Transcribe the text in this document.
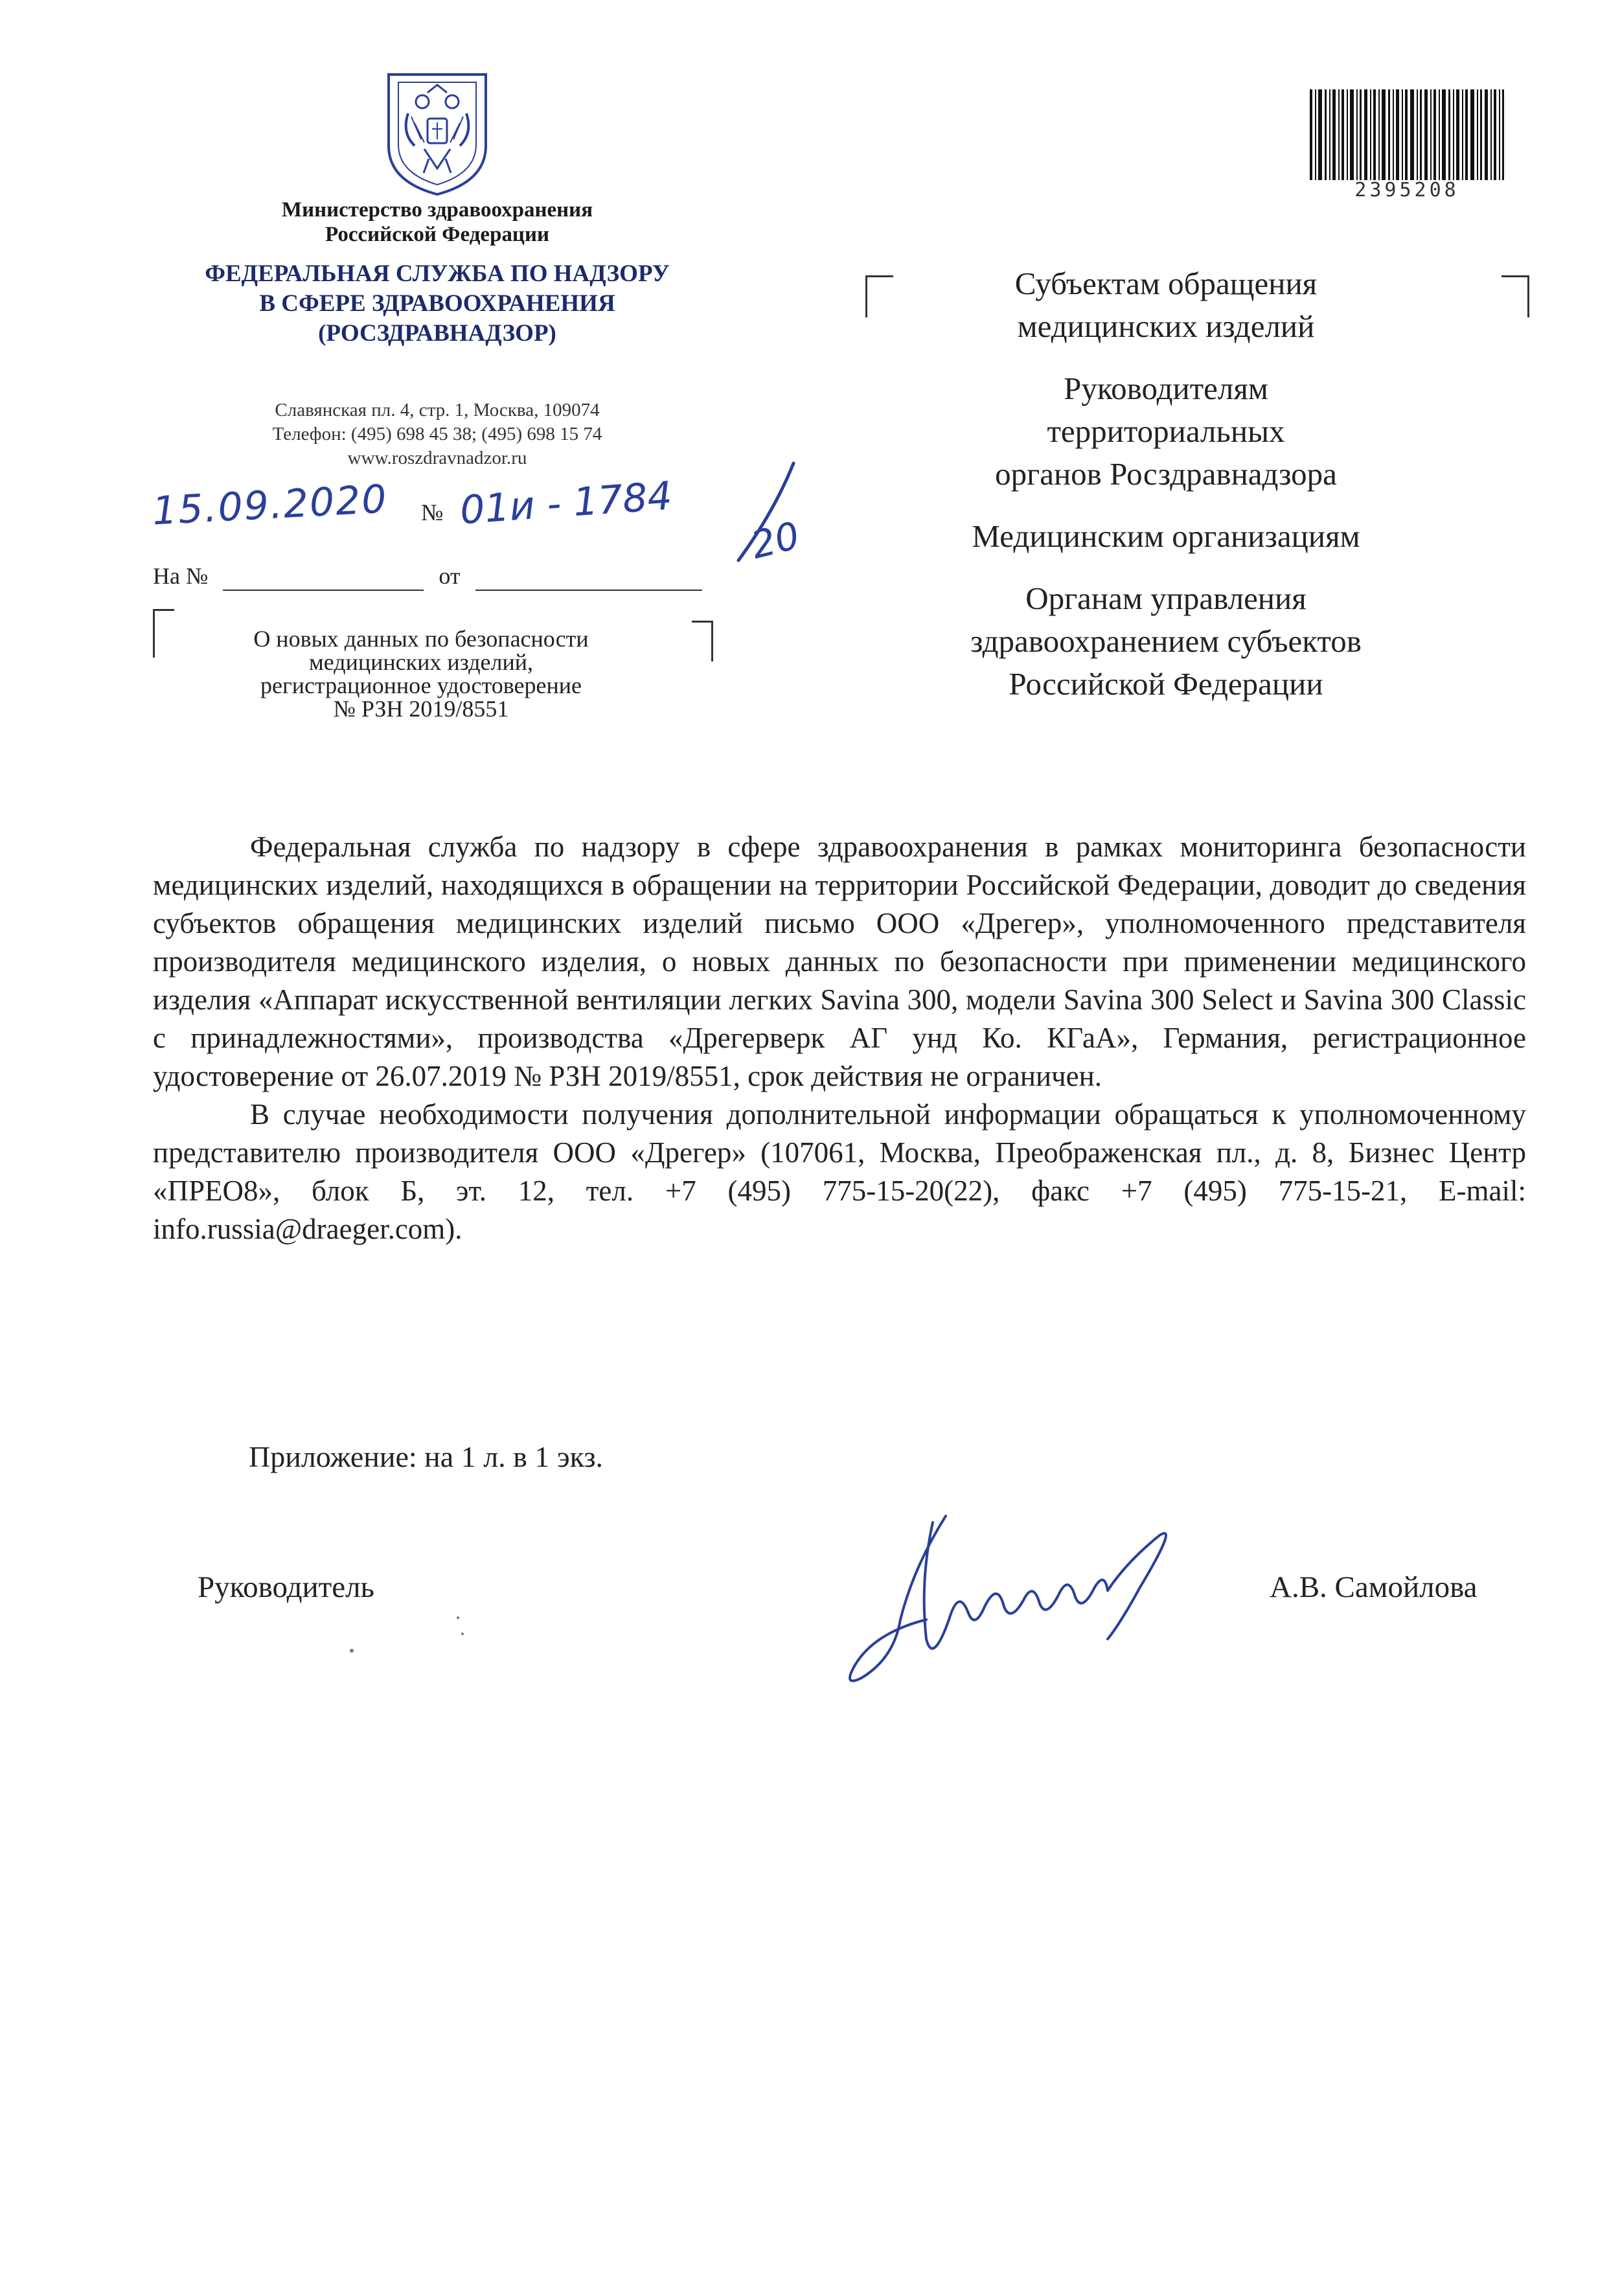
Министерство здравоохранения
Российской Федерации
ФЕДЕРАЛЬНАЯ СЛУЖБА ПО НАДЗОРУ
В СФЕРЕ ЗДРАВООХРАНЕНИЯ
(РОСЗДРАВНАДЗОР)
Славянская пл. 4, стр. 1, Москва, 109074
Телефон: (495) 698 45 38; (495) 698 15 74
www.roszdravnadzor.ru
15.09.2020 № 01и - 1784
20
На №	от
О новых данных по безопасности
медицинских изделий,
регистрационное удостоверение
№ РЗН 2019/8551
2395208
Субъектам обращения
медицинских изделий
Руководителям
территориальных
органов Росздравнадзора
Медицинским организациям
Органам управления
здравоохранением субъектов
Российской Федерации

Федеральная служба по надзору в сфере здравоохранения в рамках мониторинга безопасности медицинских изделий, находящихся в обращении на территории Российской Федерации, доводит до сведения субъектов обращения медицинских изделий письмо ООО «Дрегер», уполномоченного представителя производителя медицинского изделия, о новых данных по безопасности при применении медицинского изделия «Аппарат искусственной вентиляции легких Savina 300, модели Savina 300 Select и Savina 300 Classic с принадлежностями», производства «Дрегерверк АГ унд Ко. КГаА», Германия, регистрационное удостоверение от 26.07.2019 № РЗН 2019/8551, срок действия не ограничен.

В случае необходимости получения дополнительной информации обращаться к уполномоченному представителю производителя ООО «Дрегер» (107061, Москва, Преображенская пл., д. 8, Бизнес Центр «ПРЕО8», блок Б, эт. 12, тел. +7 (495) 775-15-20(22), факс +7 (495) 775-15-21, E-mail: info.russia@draeger.com).

Приложение: на 1 л. в 1 экз.
Руководитель	А.В. Самойлова
